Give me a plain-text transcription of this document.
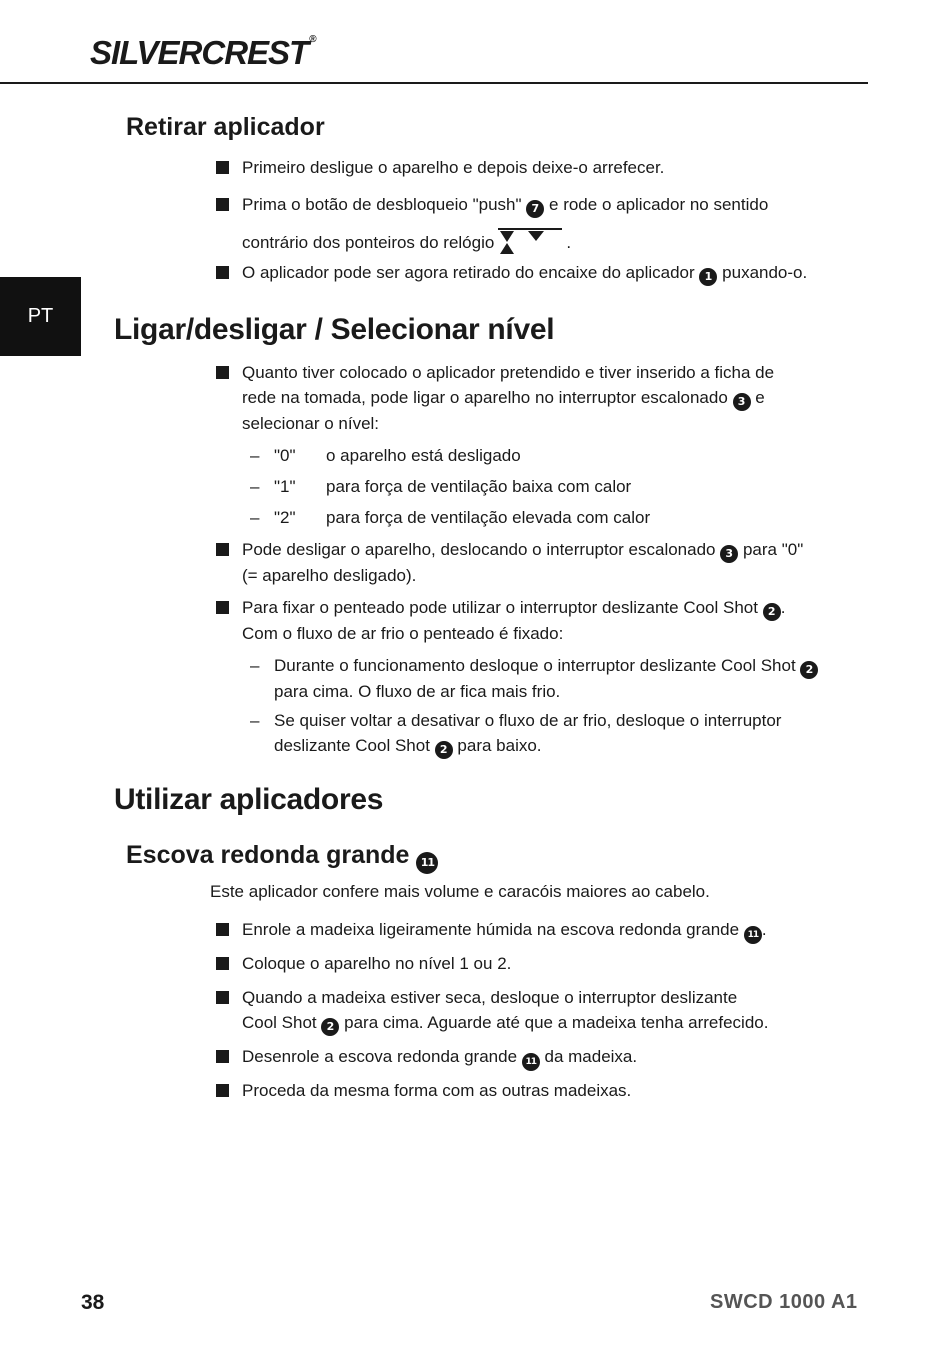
SILVERCREST®
PT
Retirar aplicador
Primeiro desligue o aparelho e depois deixe-o arrefecer.
Prima o botão de desbloqueio "push" 7 e rode o aplicador no sentido
contrário dos ponteiros do relógio	.
O aplicador pode ser agora retirado do encaixe do aplicador 1 puxando-o.
Ligar/desligar / Selecionar nível
Quanto tiver colocado o aplicador pretendido e tiver inserido a ficha de
rede na tomada, pode ligar o aparelho no interruptor escalonado 3 e
selecionar o nível:
– "0" o aparelho está desligado
– "1" para força de ventilação baixa com calor
– "2" para força de ventilação elevada com calor
Pode desligar o aparelho, deslocando o interruptor escalonado 3 para "0"
(= aparelho desligado).
Para fixar o penteado pode utilizar o interruptor deslizante Cool Shot 2 .
Com o fluxo de ar frio o penteado é fixado:
– Durante o funcionamento desloque o interruptor deslizante Cool Shot 2
para cima. O fluxo de ar fica mais frio.
– Se quiser voltar a desativar o fluxo de ar frio, desloque o interruptor
deslizante Cool Shot 2 para baixo.
Utilizar aplicadores
Escova redonda grande 11
Este aplicador confere mais volume e caracóis maiores ao cabelo.
Enrole a madeixa ligeiramente húmida na escova redonda grande 11 .
Coloque o aparelho no nível 1 ou 2.
Quando a madeixa estiver seca, desloque o interruptor deslizante
Cool Shot 2 para cima. Aguarde até que a madeixa tenha arrefecido.
Desenrole a escova redonda grande 11 da madeixa.
Proceda da mesma forma com as outras madeixas.
38	SWCD 1000 A1
